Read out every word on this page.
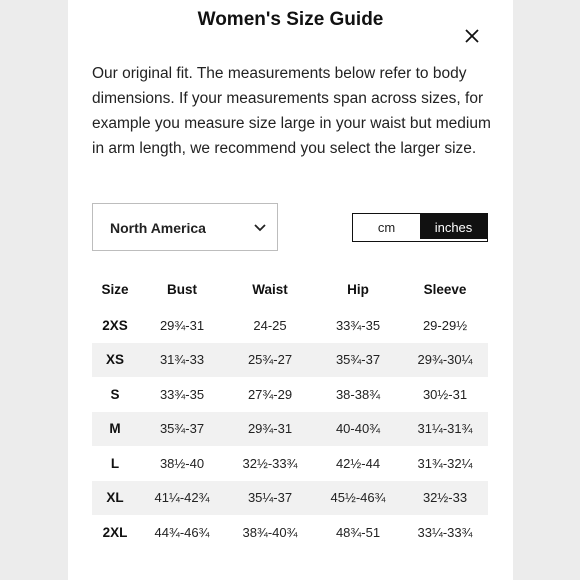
Women's Size Guide
Our original fit. The measurements below refer to body dimensions. If your measurements span across sizes, for example you measure size large in your waist but medium in arm length, we recommend you select the larger size.
North America	cm	inches
Size	Bust	Waist	Hip	Sleeve
2XS	29¾-31	24-25	33¾-35	29-29½
XS	31¾-33	25¾-27	35¾-37	29¾-30¼
S	33¾-35	27¾-29	38-38¾	30½-31
M	35¾-37	29¾-31	40-40¾	31¼-31¾
L	38½-40	32½-33¾	42½-44	31¾-32¼
XL	41¼-42¾	35¼-37	45½-46¾	32½-33
2XL	44¾-46¾	38¾-40¾	48¾-51	33¼-33¾
